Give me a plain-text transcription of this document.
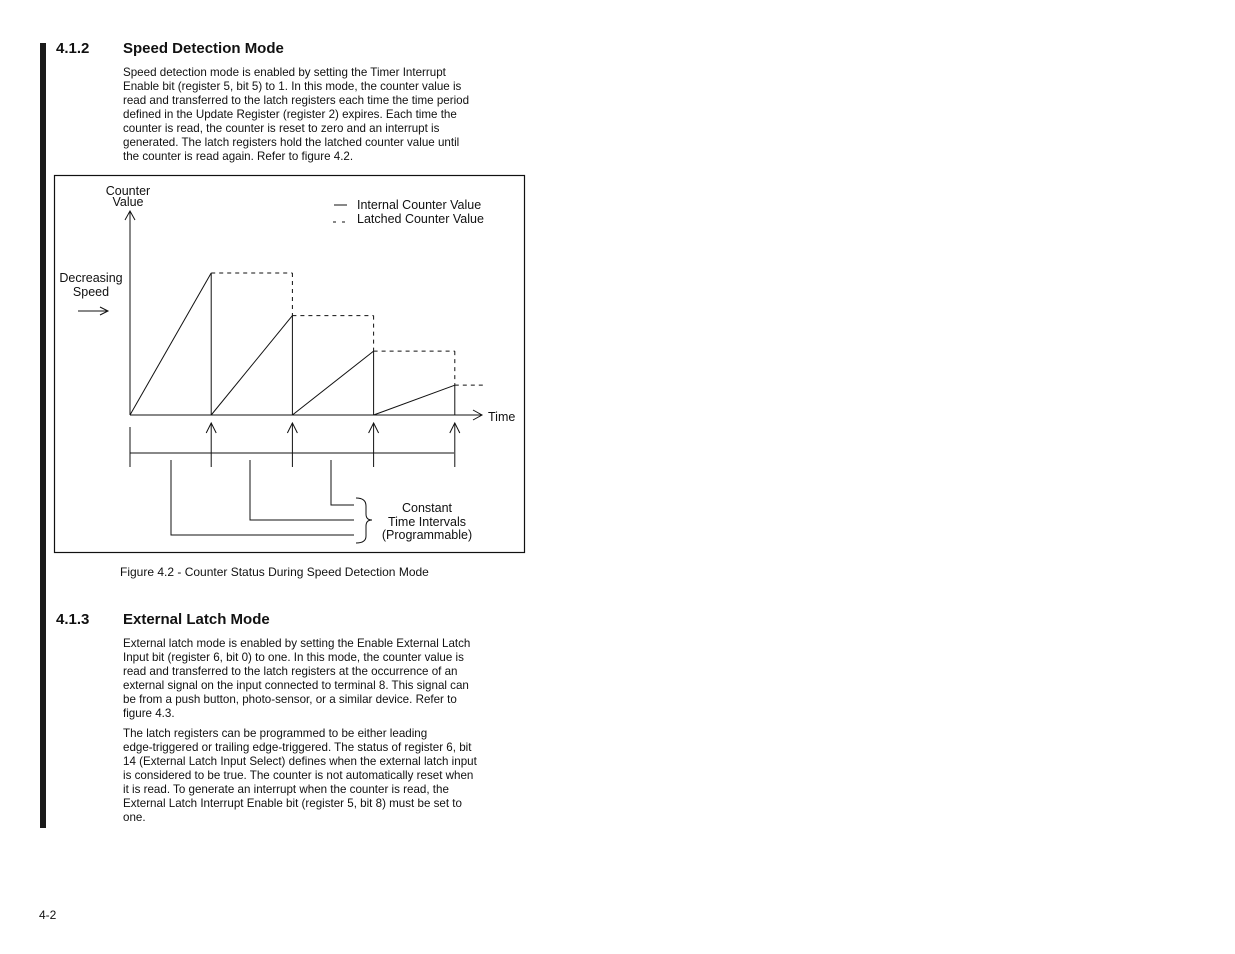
4.1.2 Speed Detection Mode
Speed detection mode is enabled by setting the Timer Interrupt
Enable bit (register 5, bit 5) to 1. In this mode, the counter value is
read and transferred to the latch registers each time the time period
defined in the Update Register (register 2) expires. Each time the
counter is read, the counter is reset to zero and an interrupt is
generated. The latch registers hold the latched counter value until
the counter is read again. Refer to figure 4.2.
Counter
Value
Time
Internal Counter Value
Latched Counter Value
Decreasing
Speed
Constant
Time Intervals
(Programmable)
Figure 4.2 - Counter Status During Speed Detection Mode
4.1.3 External Latch Mode
External latch mode is enabled by setting the Enable External Latch
Input bit (register 6, bit 0) to one. In this mode, the counter value is
read and transferred to the latch registers at the occurrence of an
external signal on the input connected to terminal 8. This signal can
be from a push button, photo-sensor, or a similar device. Refer to
figure 4.3.
The latch registers can be programmed to be either leading
edge-triggered or trailing edge-triggered. The status of register 6, bit
14 (External Latch Input Select) defines when the external latch input
is considered to be true. The counter is not automatically reset when
it is read. To generate an interrupt when the counter is read, the
External Latch Interrupt Enable bit (register 5, bit 8) must be set to
one.
4-2
